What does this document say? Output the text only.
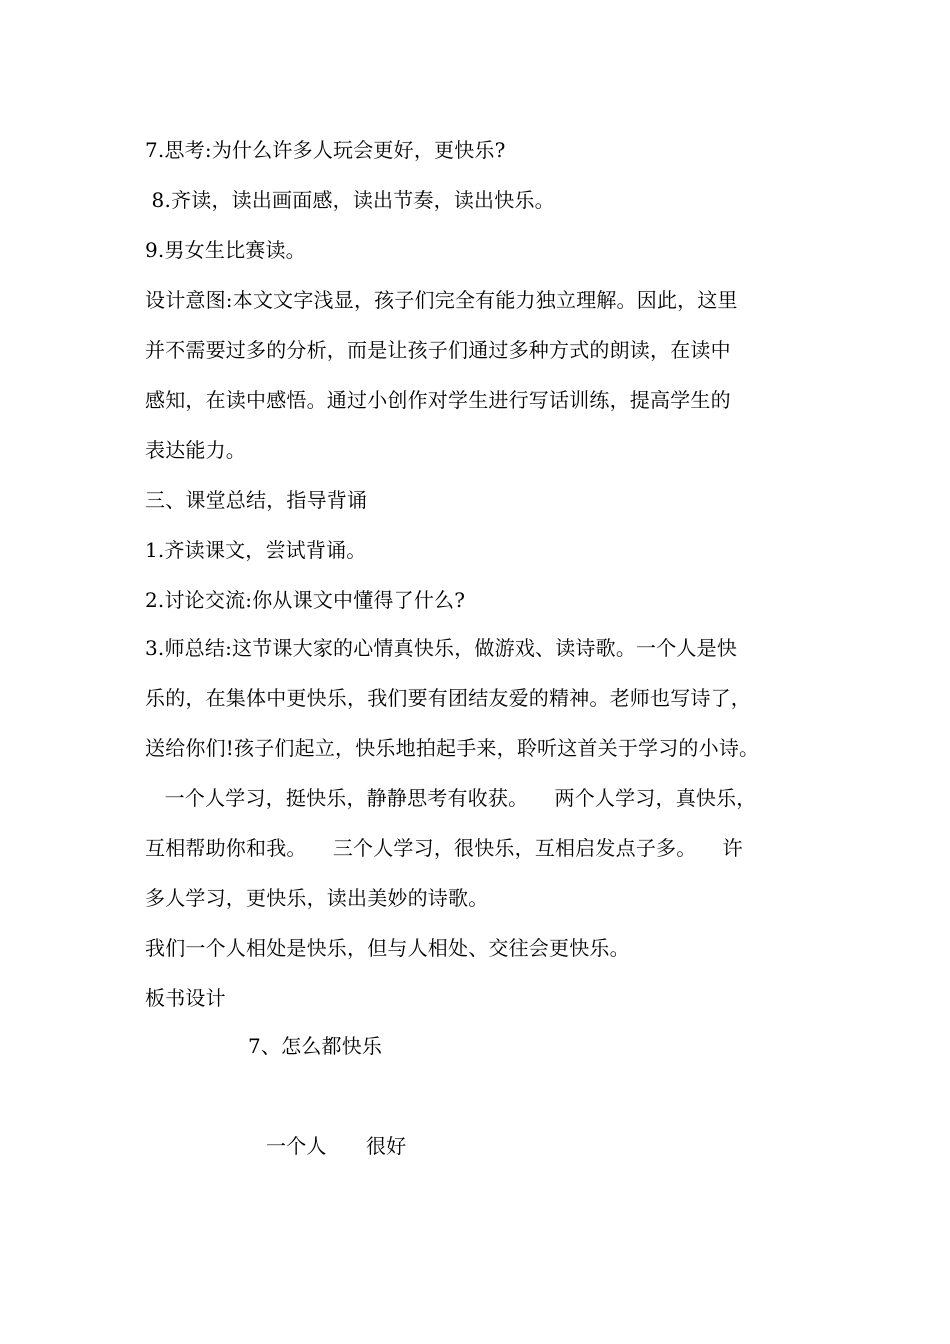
7.思考:为什么许多人玩会更好，更快乐?
8.齐读，读出画面感，读出节奏，读出快乐。
9.男女生比赛读。
设计意图:本文文字浅显，孩子们完全有能力独立理解。因此，这里
并不需要过多的分析，而是让孩子们通过多种方式的朗读，在读中
感知，在读中感悟。通过小创作对学生进行写话训练，提高学生的
表达能力。
三、课堂总结，指导背诵
1.齐读课文，尝试背诵。
2.讨论交流:你从课文中懂得了什么?
3.师总结:这节课大家的心情真快乐，做游戏、读诗歌。一个人是快
乐的，在集体中更快乐，我们要有团结友爱的精神。老师也写诗了，
送给你们!孩子们起立，快乐地拍起手来，聆听这首关于学习的小诗。
一个人学习，挺快乐，静静思考有收获。    两个人学习，真快乐，
互相帮助你和我。    三个人学习，很快乐，互相启发点子多。    许
多人学习，更快乐，读出美妙的诗歌。
我们一个人相处是快乐，但与人相处、交往会更快乐。
板书设计
7、怎么都快乐
一个人      很好
